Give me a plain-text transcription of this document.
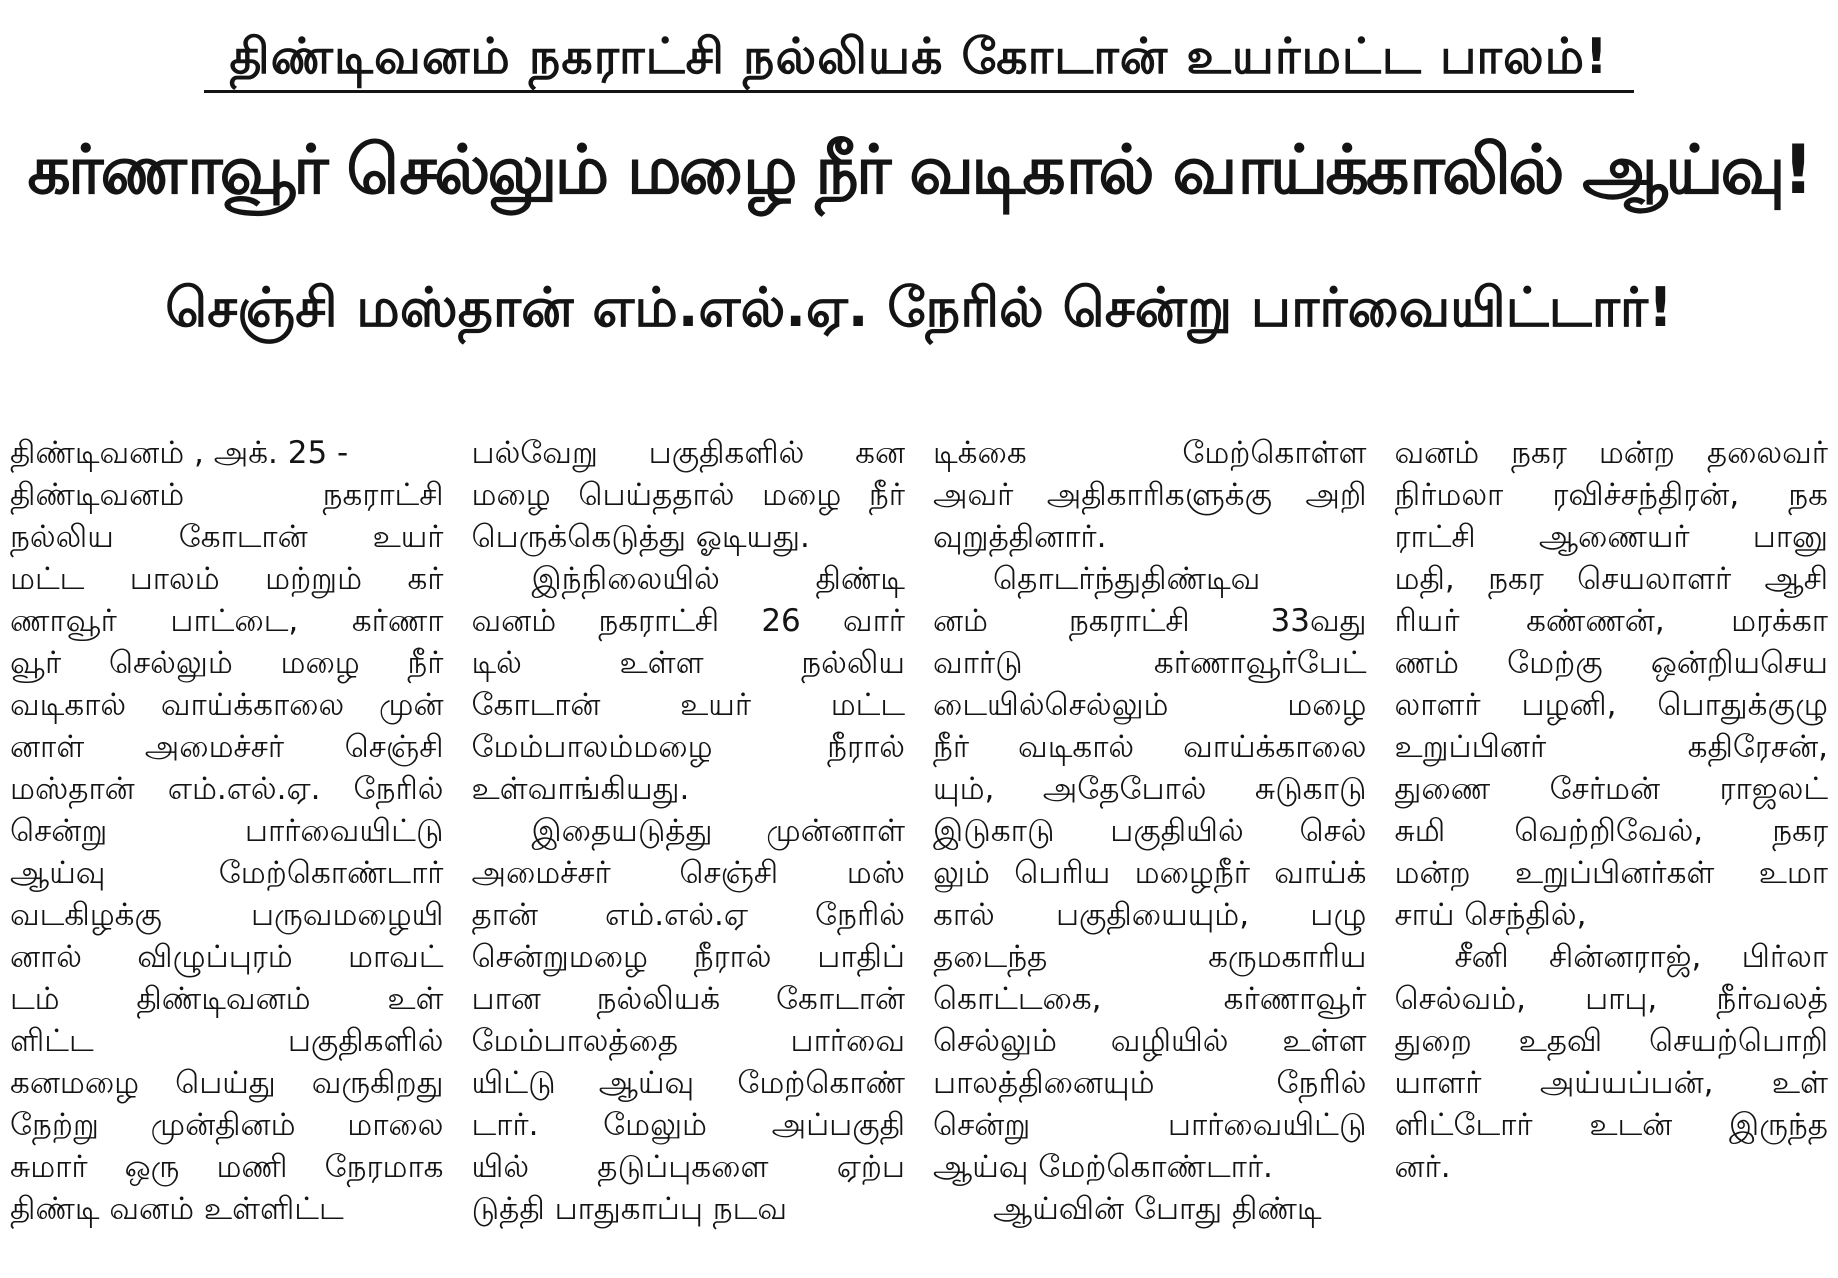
திண்டிவனம் நகராட்சி நல்லியக் கோடான் உயர்மட்ட பாலம்!
கர்ணாவூர் செல்லும் மழை நீர் வடிகால் வாய்க்காலில் ஆய்வு!
செஞ்சி மஸ்தான் எம்.எல்.ஏ. நேரில் சென்று பார்வையிட்டார்!
திண்டிவனம் , அக். 25 -
திண்டிவனம் நகராட்சி
நல்லிய கோடான் உயர்
மட்ட பாலம் மற்றும் கர்
ணாவூர் பாட்டை, கர்ணா
வூர் செல்லும் மழை நீர்
வடிகால் வாய்க்காலை முன்
னாள் அமைச்சர் செஞ்சி
மஸ்தான் எம்.எல்.ஏ. நேரில்
சென்று பார்வையிட்டு
ஆய்வு மேற்கொண்டார்
வடகிழக்கு பருவமழையி
னால் விழுப்புரம் மாவட்
டம் திண்டிவனம் உள்
ளிட்ட பகுதிகளில்
கனமழை பெய்து வருகிறது
நேற்று முன்தினம் மாலை
சுமார் ஒரு மணி நேரமாக
திண்டி வனம் உள்ளிட்ட
பல்வேறு பகுதிகளில் கன
மழை பெய்ததால் மழை நீர்
பெருக்கெடுத்து ஓடியது.
இந்நிலையில் திண்டி
வனம் நகராட்சி 26 வார்
டில் உள்ள நல்லிய
கோடான் உயர் மட்ட
மேம்பாலம்மழை நீரால்
உள்வாங்கியது.
இதையடுத்து முன்னாள்
அமைச்சர் செஞ்சி மஸ்
தான் எம்.எல்.ஏ நேரில்
சென்றுமழை நீரால் பாதிப்
பான நல்லியக் கோடான்
மேம்பாலத்தை பார்வை
யிட்டு ஆய்வு மேற்கொண்
டார். மேலும் அப்பகுதி
யில் தடுப்புகளை ஏற்ப
டுத்தி பாதுகாப்பு நடவ
டிக்கை மேற்கொள்ள
அவர் அதிகாரிகளுக்கு அறி
வுறுத்தினார்.
தொடர்ந்துதிண்டிவ
னம் நகராட்சி 33வது
வார்டு கர்ணாவூர்பேட்
டையில்செல்லும் மழை
நீர் வடிகால் வாய்க்காலை
யும், அதேபோல் சுடுகாடு
இடுகாடு பகுதியில் செல்
லும் பெரிய மழைநீர் வாய்க்
கால் பகுதியையும், பழு
தடைந்த கருமகாரிய
கொட்டகை, கர்ணாவூர்
செல்லும் வழியில் உள்ள
பாலத்தினையும் நேரில்
சென்று பார்வையிட்டு
ஆய்வு மேற்கொண்டார்.
ஆய்வின் போது திண்டி
வனம் நகர மன்ற தலைவர்
நிர்மலா ரவிச்சந்திரன், நக
ராட்சி ஆணையர் பானு
மதி, நகர செயலாளர் ஆசி
ரியர் கண்ணன், மரக்கா
ணம் மேற்கு ஒன்றியசெய
லாளர் பழனி, பொதுக்குழு
உறுப்பினர் கதிரேசன்,
துணை சேர்மன் ராஜலட்
சுமி வெற்றிவேல், நகர
மன்ற உறுப்பினர்கள் உமா
சாய் செந்தில்,
சீனி சின்னராஜ், பிர்லா
செல்வம், பாபு, நீர்வலத்
துறை உதவி செயற்பொறி
யாளர் அய்யப்பன், உள்
ளிட்டோர் உடன் இருந்த
னர்.
